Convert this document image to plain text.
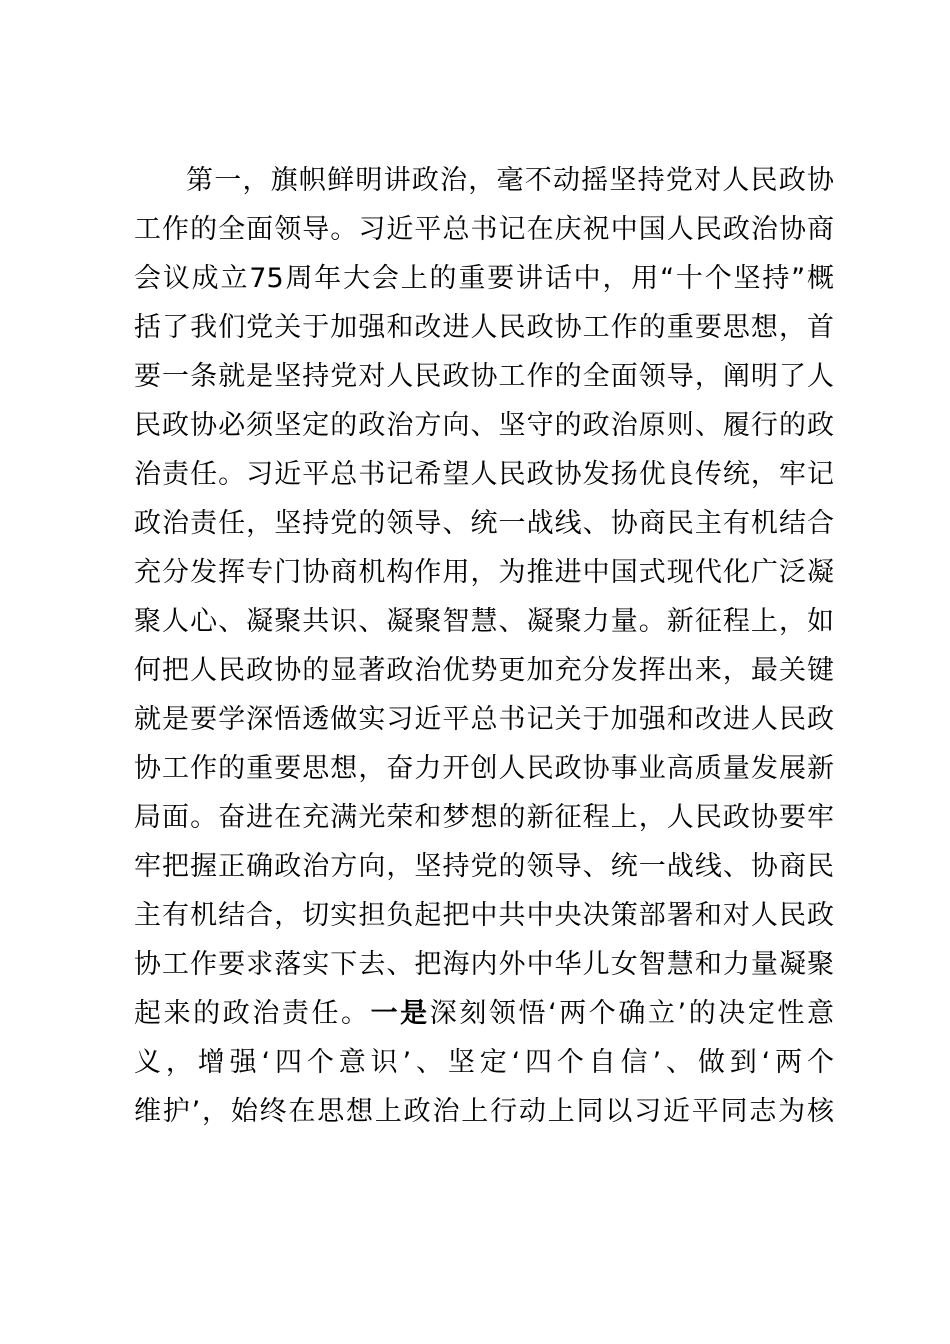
第一，旗帜鲜明讲政治，毫不动摇坚持党对人民政协
工作的全面领导。习近平总书记在庆祝中国人民政治协商
会议成立75周年大会上的重要讲话中，用“十个坚持”概
括了我们党关于加强和改进人民政协工作的重要思想，首
要一条就是坚持党对人民政协工作的全面领导，阐明了人
民政协必须坚定的政治方向、坚守的政治原则、履行的政
治责任。习近平总书记希望人民政协发扬优良传统，牢记
政治责任，坚持党的领导、统一战线、协商民主有机结合
充分发挥专门协商机构作用，为推进中国式现代化广泛凝
聚人心、凝聚共识、凝聚智慧、凝聚力量。新征程上，如
何把人民政协的显著政治优势更加充分发挥出来，最关键
就是要学深悟透做实习近平总书记关于加强和改进人民政
协工作的重要思想，奋力开创人民政协事业高质量发展新
局面。奋进在充满光荣和梦想的新征程上，人民政协要牢
牢把握正确政治方向，坚持党的领导、统一战线、协商民
主有机结合，切实担负起把中共中央决策部署和对人民政
协工作要求落实下去、把海内外中华儿女智慧和力量凝聚
起来的政治责任。一是深刻领悟‘两个确立’的决定性意
义，增强‘四个意识’、坚定‘四个自信’、做到‘两个
维护’，始终在思想上政治上行动上同以习近平同志为核
